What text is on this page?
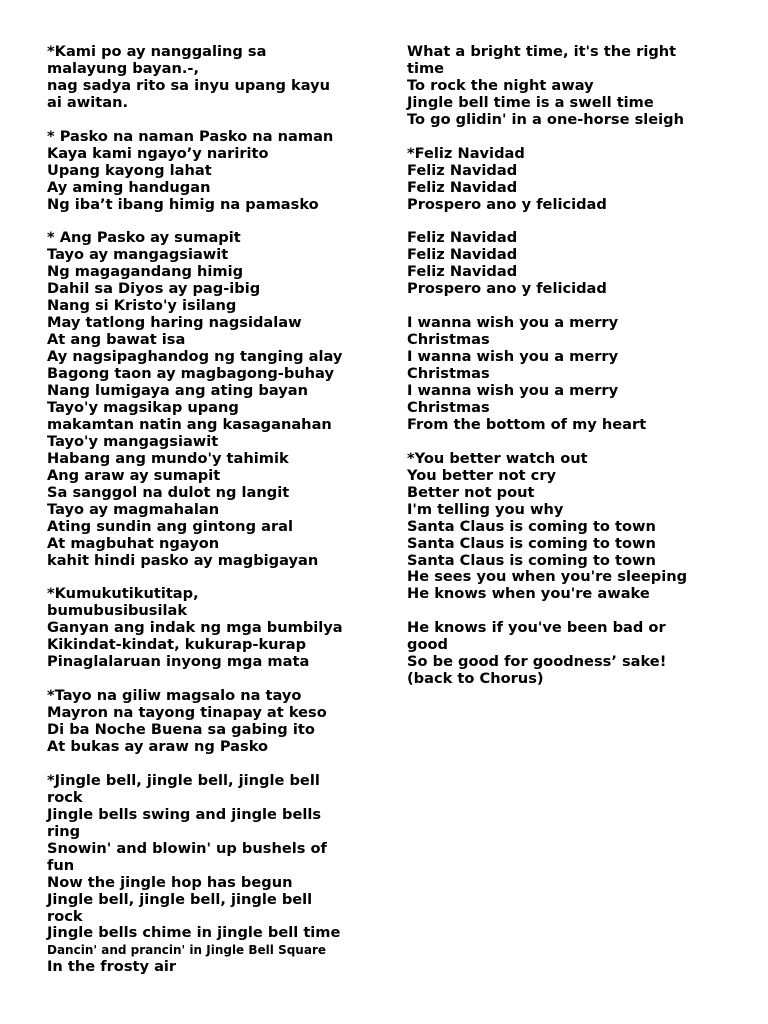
*Kami po ay nanggaling sa
malayung bayan.-,
nag sadya rito sa inyu upang kayu
ai awitan.
* Pasko na naman Pasko na naman
Kaya kami ngayo’y naririto
Upang kayong lahat
Ay aming handugan
Ng iba’t ibang himig na pamasko
* Ang Pasko ay sumapit
Tayo ay mangagsiawit
Ng magagandang himig
Dahil sa Diyos ay pag-ibig
Nang si Kristo'y isilang
May tatlong haring nagsidalaw
At ang bawat isa
Ay nagsipaghandog ng tanging alay
Bagong taon ay magbagong-buhay
Nang lumigaya ang ating bayan
Tayo'y magsikap upang
makamtan natin ang kasaganahan
Tayo'y mangagsiawit
Habang ang mundo'y tahimik
Ang araw ay sumapit
Sa sanggol na dulot ng langit
Tayo ay magmahalan
Ating sundin ang gintong aral
At magbuhat ngayon
kahit hindi pasko ay magbigayan
*Kumukutikutitap,
bumubusibusilak
Ganyan ang indak ng mga bumbilya
Kikindat-kindat, kukurap-kurap
Pinaglalaruan inyong mga mata
*Tayo na giliw magsalo na tayo
Mayron na tayong tinapay at keso
Di ba Noche Buena sa gabing ito
At bukas ay araw ng Pasko
*Jingle bell, jingle bell, jingle bell
rock
Jingle bells swing and jingle bells
ring
Snowin' and blowin' up bushels of
fun
Now the jingle hop has begun
Jingle bell, jingle bell, jingle bell
rock
Jingle bells chime in jingle bell time
Dancin' and prancin' in Jingle Bell Square
In the frosty air
What a bright time, it's the right
time
To rock the night away
Jingle bell time is a swell time
To go glidin' in a one-horse sleigh
*Feliz Navidad
Feliz Navidad
Feliz Navidad
Prospero ano y felicidad
Feliz Navidad
Feliz Navidad
Feliz Navidad
Prospero ano y felicidad
I wanna wish you a merry
Christmas
I wanna wish you a merry
Christmas
I wanna wish you a merry
Christmas
From the bottom of my heart
*You better watch out
You better not cry
Better not pout
I'm telling you why
Santa Claus is coming to town
Santa Claus is coming to town
Santa Claus is coming to town
He sees you when you're sleeping
He knows when you're awake
He knows if you've been bad or
good
So be good for goodness’ sake!
(back to Chorus)
